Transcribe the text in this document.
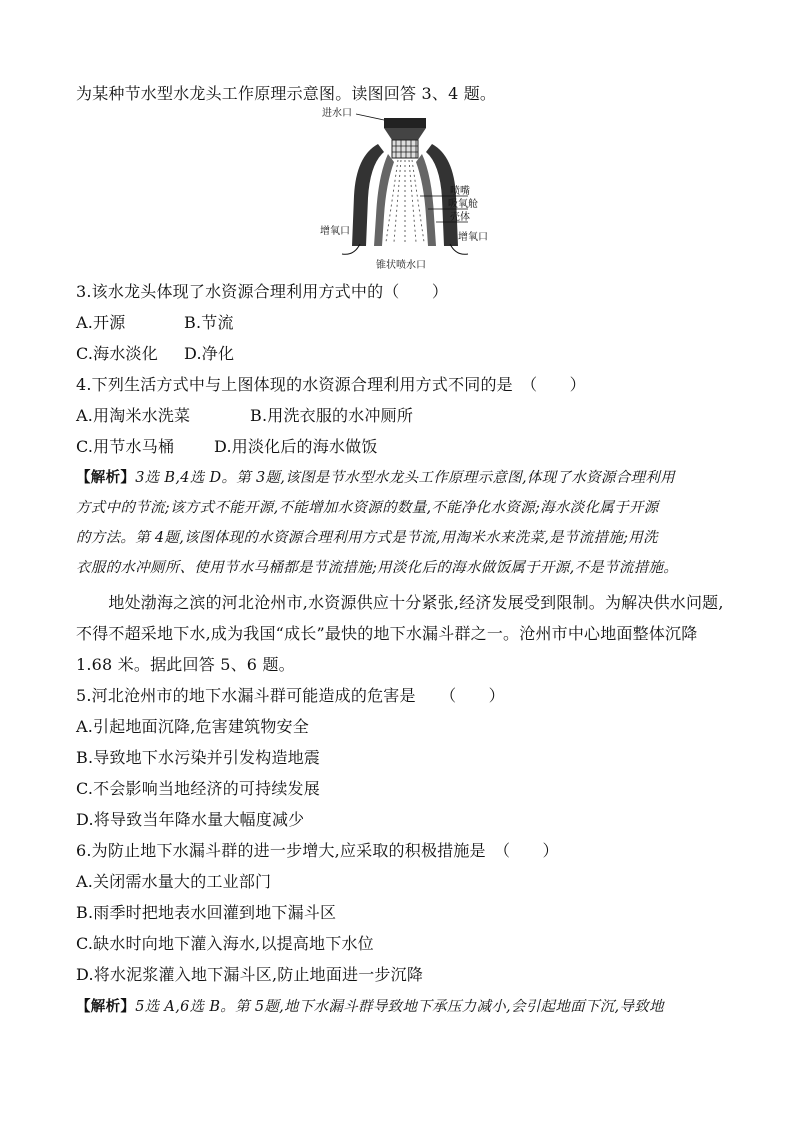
为某种节水型水龙头工作原理示意图。读图回答 3、4 题。
进水口
喷嘴
吸氧舱
壳体
增氧口
增氧口
锥状喷水口
3.该水龙头体现了水资源合理利用方式中的（　　）
A.开源	B.节流
C.海水淡化 D.净化
4.下列生活方式中与上图体现的水资源合理利用方式不同的是　（　　）
A.用淘米水洗菜	B.用洗衣服的水冲厕所
C.用节水马桶 D.用淡化后的海水做饭
【解析】3选 B,4选 D。第 3题,该图是节水型水龙头工作原理示意图,体现了水资源合理利用
方式中的节流;该方式不能开源,不能增加水资源的数量,不能净化水资源;海水淡化属于开源
的方法。第 4题,该图体现的水资源合理利用方式是节流,用淘米水来洗菜,是节流措施;用洗
衣服的水冲厕所、使用节水马桶都是节流措施;用淡化后的海水做饭属于开源,不是节流措施。
　　地处渤海之滨的河北沧州市,水资源供应十分紧张,经济发展受到限制。为解决供水问题,
不得不超采地下水,成为我国“成长”最快的地下水漏斗群之一。沧州市中心地面整体沉降
1.68 米。据此回答 5、6 题。
5.河北沧州市的地下水漏斗群可能造成的危害是　　（　　）
A.引起地面沉降,危害建筑物安全
B.导致地下水污染并引发构造地震
C.不会影响当地经济的可持续发展
D.将导致当年降水量大幅度减少
6.为防止地下水漏斗群的进一步增大,应采取的积极措施是　（　　）
A.关闭需水量大的工业部门
B.雨季时把地表水回灌到地下漏斗区
C.缺水时向地下灌入海水,以提高地下水位
D.将水泥浆灌入地下漏斗区,防止地面进一步沉降
【解析】5选 A,6选 B。第 5题,地下水漏斗群导致地下承压力减小,会引起地面下沉,导致地
